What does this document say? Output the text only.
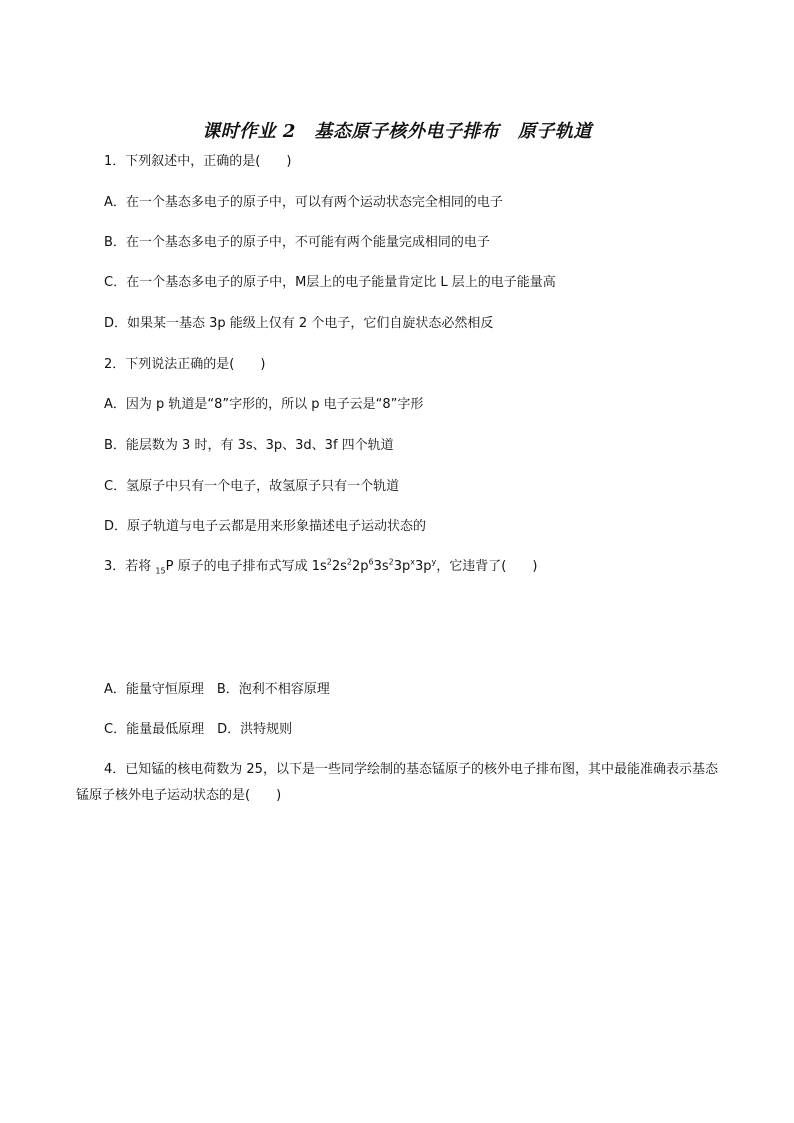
课时作业 2　基态原子核外电子排布　原子轨道
1．下列叙述中，正确的是(　　)
A．在一个基态多电子的原子中，可以有两个运动状态完全相同的电子
B．在一个基态多电子的原子中，不可能有两个能量完成相同的电子
C．在一个基态多电子的原子中，M层上的电子能量肯定比 L 层上的电子能量高
D．如果某一基态 3p 能级上仅有 2 个电子，它们自旋状态必然相反
2．下列说法正确的是(　　)
A．因为 p 轨道是“8”字形的，所以 p 电子云是“8”字形
B．能层数为 3 时，有 3s、3p、3d、3f 四个轨道
C．氢原子中只有一个电子，故氢原子只有一个轨道
D．原子轨道与电子云都是用来形象描述电子运动状态的
3．若将 $_{15}$P 原子的电子排布式写成 $1s^22s^22p^63s^23p^x3p^y$，它违背了(　　)
A．能量守恒原理　B．泡利不相容原理
C．能量最低原理　D．洪特规则
4．已知锰的核电荷数为 25，以下是一些同学绘制的基态锰原子的核外电子排布图，其中最能准确表示基态锰原子核外电子运动状态的是(　　)
